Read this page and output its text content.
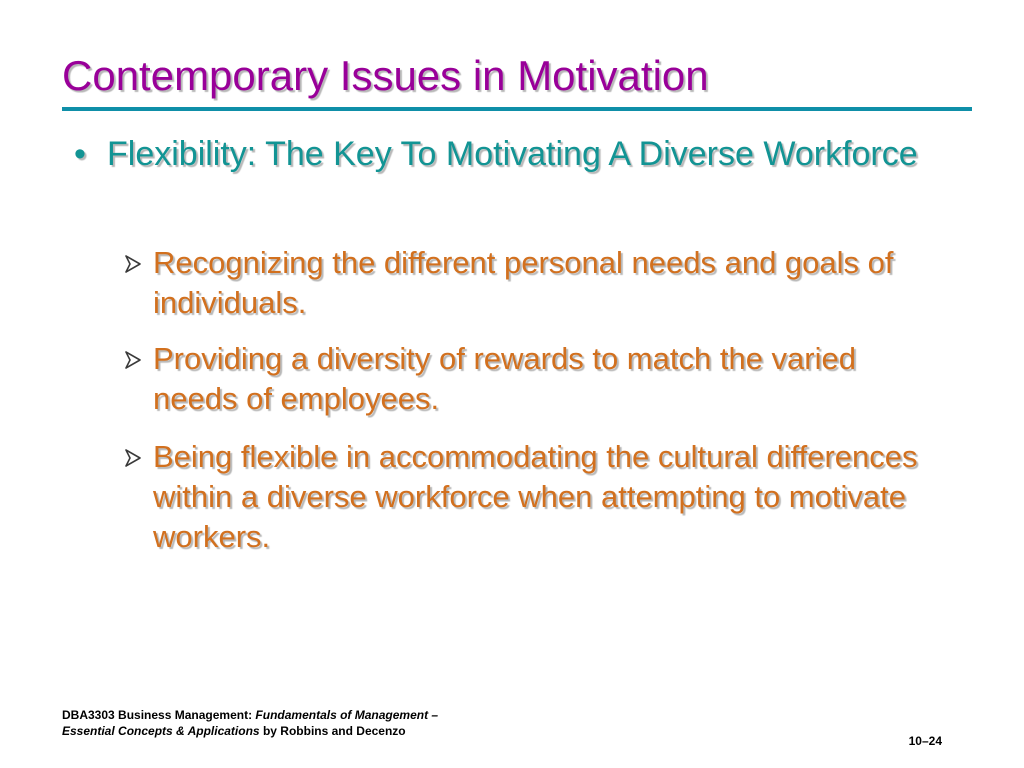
Contemporary Issues in Motivation
• Flexibility: The Key To Motivating A Diverse Workforce
Recognizing the different personal needs and goals of individuals.
Providing a diversity of rewards to match the varied needs of employees.
Being flexible in accommodating the cultural differences within a diverse workforce when attempting to motivate workers.
DBA3303 Business Management: Fundamentals of Management –
Essential Concepts & Applications by Robbins and Decenzo
10–24
